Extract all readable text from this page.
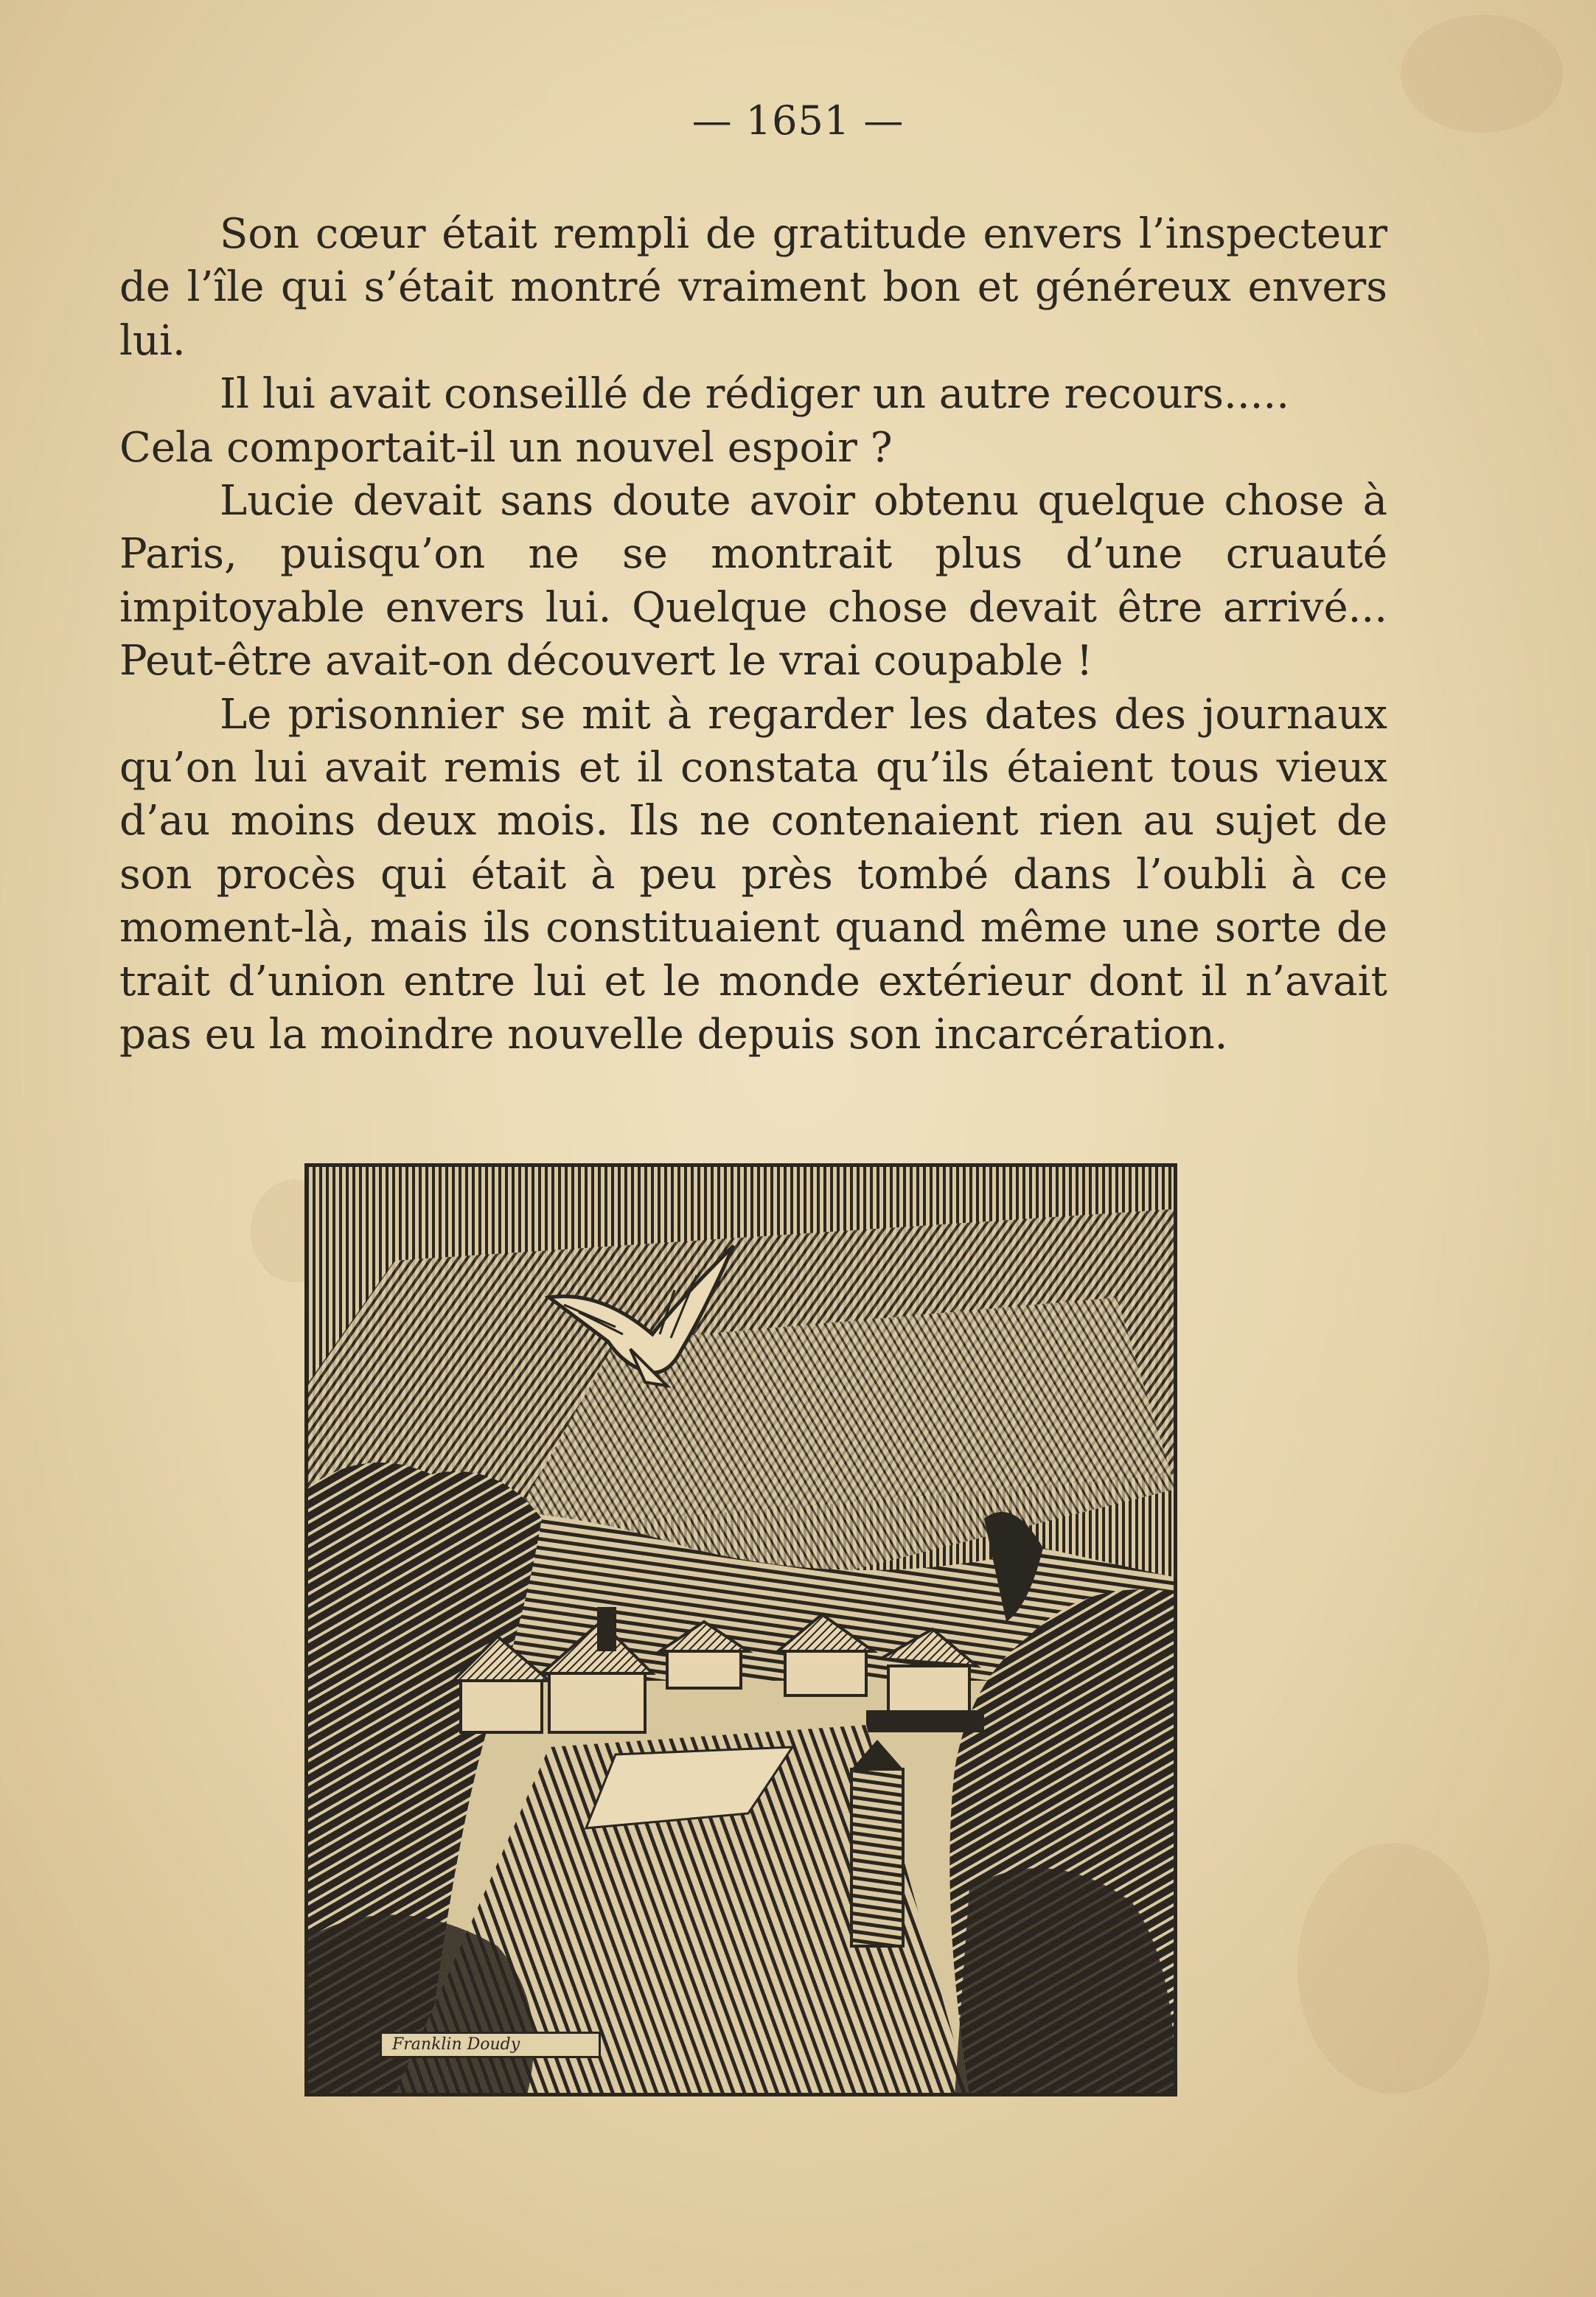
— 1651 —

Son cœur était rempli de gratitude envers l’inspecteur de l’île qui s’était montré vraiment bon et généreux envers lui.

Il lui avait conseillé de rédiger un autre recours.....

Cela comportait-il un nouvel espoir ?

Lucie devait sans doute avoir obtenu quelque chose à Paris, puisqu’on ne se montrait plus d’une cruauté impitoyable envers lui. Quelque chose devait être arrivé... Peut-être avait-on découvert le vrai coupable !

Le prisonnier se mit à regarder les dates des journaux qu’on lui avait remis et il constata qu’ils étaient tous vieux d’au moins deux mois. Ils ne contenaient rien au sujet de son procès qui était à peu près tombé dans l’oubli à ce moment-là, mais ils constituaient quand même une sorte de trait d’union entre lui et le monde extérieur dont il n’avait pas eu la moindre nouvelle depuis son incarcération.

Franklin Doudy
